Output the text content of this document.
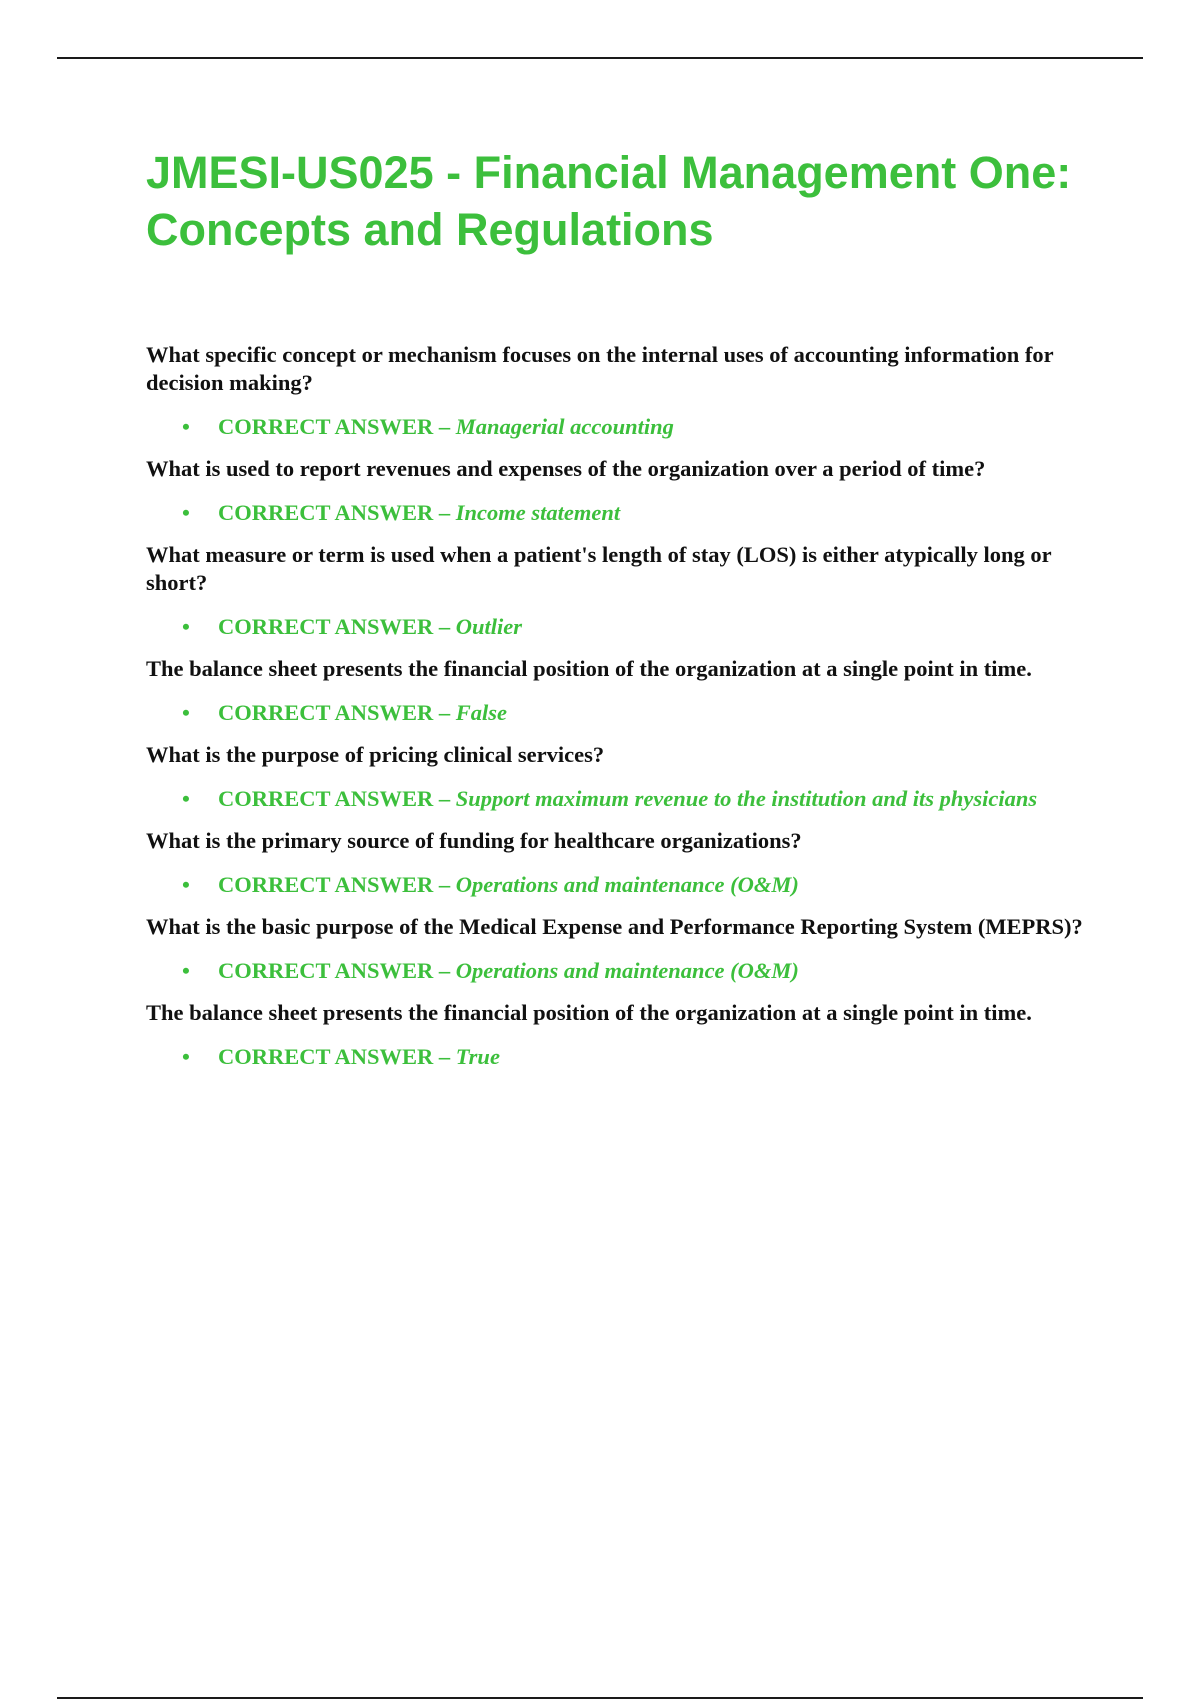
JMESI-US025 - Financial Management One: Concepts and Regulations

What specific concept or mechanism focuses on the internal uses of accounting information for decision making?

• CORRECT ANSWER – Managerial accounting

What is used to report revenues and expenses of the organization over a period of time?

• CORRECT ANSWER – Income statement

What measure or term is used when a patient's length of stay (LOS) is either atypically long or short?

• CORRECT ANSWER – Outlier

The balance sheet presents the financial position of the organization at a single point in time.

• CORRECT ANSWER – False

What is the purpose of pricing clinical services?

• CORRECT ANSWER – Support maximum revenue to the institution and its physicians

What is the primary source of funding for healthcare organizations?

• CORRECT ANSWER – Operations and maintenance (O&M)

What is the basic purpose of the Medical Expense and Performance Reporting System (MEPRS)?

• CORRECT ANSWER – Operations and maintenance (O&M)

The balance sheet presents the financial position of the organization at a single point in time.

• CORRECT ANSWER – True
